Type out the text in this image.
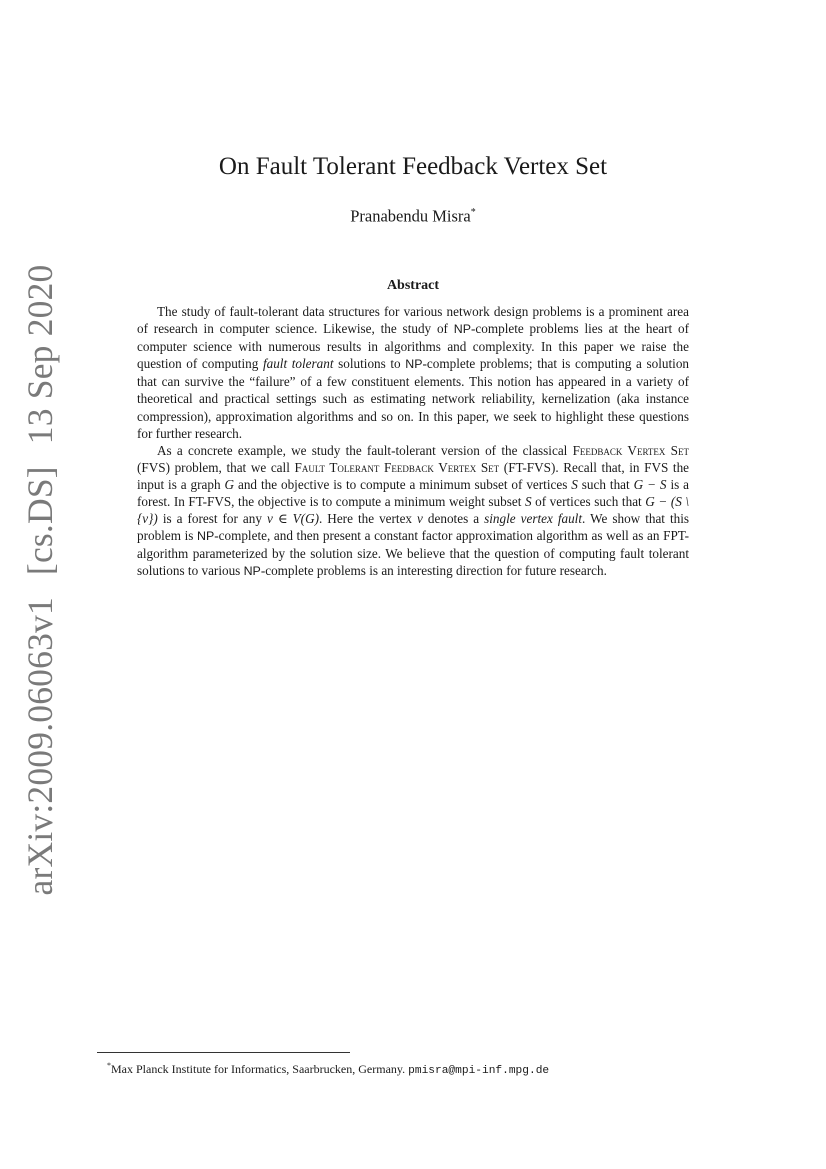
arXiv:2009.06063v1[cs.DS]13 Sep 2020
On Fault Tolerant Feedback Vertex Set
Pranabendu Misra*
Abstract

The study of fault-tolerant data structures for various network design problems is a prominent area of research in computer science. Likewise, the study of NP-complete problems lies at the heart of computer science with numerous results in algorithms and complexity. In this paper we raise the question of computing fault tolerant solutions to NP-complete problems; that is computing a solution that can survive the “failure” of a few constituent elements. This notion has appeared in a variety of theoretical and practical settings such as estimating network reliability, kernelization (aka instance compression), approximation algorithms and so on. In this paper, we seek to highlight these questions for further research.

As a concrete example, we study the fault-tolerant version of the classical Feedback Vertex Set (FVS) problem, that we call Fault Tolerant Feedback Vertex Set (FT-FVS). Recall that, in FVS the input is a graph G and the objective is to compute a minimum subset of vertices S such that G − S is a forest. In FT-FVS, the objective is to compute a minimum weight subset S of vertices such that G − (S \ {v}) is a forest for any v ∈ V(G). Here the vertex v denotes a single vertex fault. We show that this problem is NP-complete, and then present a constant factor approximation algorithm as well as an FPT-algorithm parameterized by the solution size. We believe that the question of computing fault tolerant solutions to various NP-complete problems is an interesting direction for future research.

*Max Planck Institute for Informatics, Saarbrucken, Germany. pmisra@mpi-inf.mpg.de
